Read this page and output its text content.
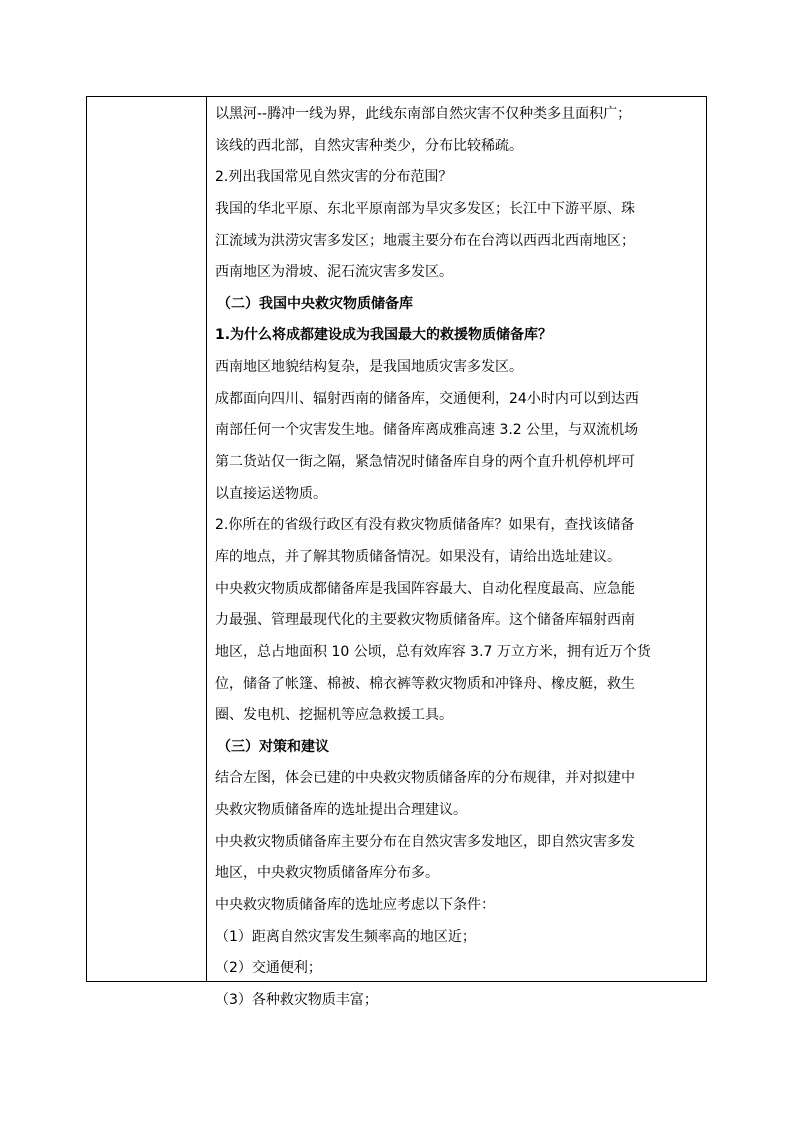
以黑河--腾冲一线为界，此线东南部自然灾害不仅种类多且面积广；
该线的西北部，自然灾害种类少，分布比较稀疏。
2.列出我国常见自然灾害的分布范围？
我国的华北平原、东北平原南部为旱灾多发区；长江中下游平原、珠
江流域为洪涝灾害多发区；地震主要分布在台湾以西西北西南地区；
西南地区为滑坡、泥石流灾害多发区。
（二）我国中央救灾物质储备库
1.为什么将成都建设成为我国最大的救援物质储备库？
西南地区地貌结构复杂，是我国地质灾害多发区。
成都面向四川、辐射西南的储备库，交通便利，24小时内可以到达西
南部任何一个灾害发生地。储备库离成雅高速 3.2 公里，与双流机场
第二货站仅一街之隔，紧急情况时储备库自身的两个直升机停机坪可
以直接运送物质。
2.你所在的省级行政区有没有救灾物质储备库？如果有，查找该储备
库的地点，并了解其物质储备情况。如果没有，请给出选址建议。
中央救灾物质成都储备库是我国阵容最大、自动化程度最高、应急能
力最强、管理最现代化的主要救灾物质储备库。这个储备库辐射西南
地区，总占地面积 10 公顷，总有效库容 3.7 万立方米，拥有近万个货
位，储备了帐篷、棉被、棉衣裤等救灾物质和冲锋舟、橡皮艇，救生
圈、发电机、挖掘机等应急救援工具。
（三）对策和建议
结合左图，体会已建的中央救灾物质储备库的分布规律，并对拟建中
央救灾物质储备库的选址提出合理建议。
中央救灾物质储备库主要分布在自然灾害多发地区，即自然灾害多发
地区，中央救灾物质储备库分布多。
中央救灾物质储备库的选址应考虑以下条件：
（1）距离自然灾害发生频率高的地区近；
（2）交通便利；
（3）各种救灾物质丰富；
